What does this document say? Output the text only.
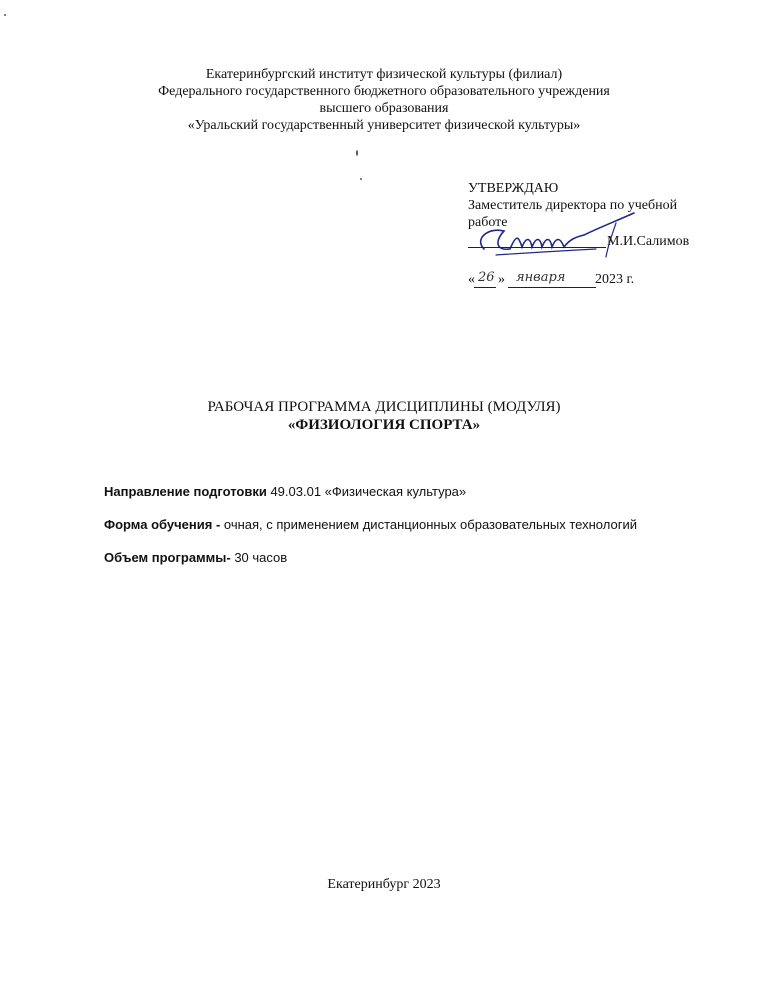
Екатеринбургский институт физической культуры (филиал)
Федерального государственного бюджетного образовательного учреждения
высшего образования
«Уральский государственный университет физической культуры»
УТВЕРЖДАЮ
Заместитель директора по учебной
работе
М.И.Салимов
« 26 » января 2023 г.
РАБОЧАЯ ПРОГРАММА ДИСЦИПЛИНЫ (МОДУЛЯ)
«ФИЗИОЛОГИЯ СПОРТА»

Направление подготовки 49.03.01 «Физическая культура»

Форма обучения - очная, с применением дистанционных образовательных технологий

Объем программы- 30 часов

Екатеринбург 2023
